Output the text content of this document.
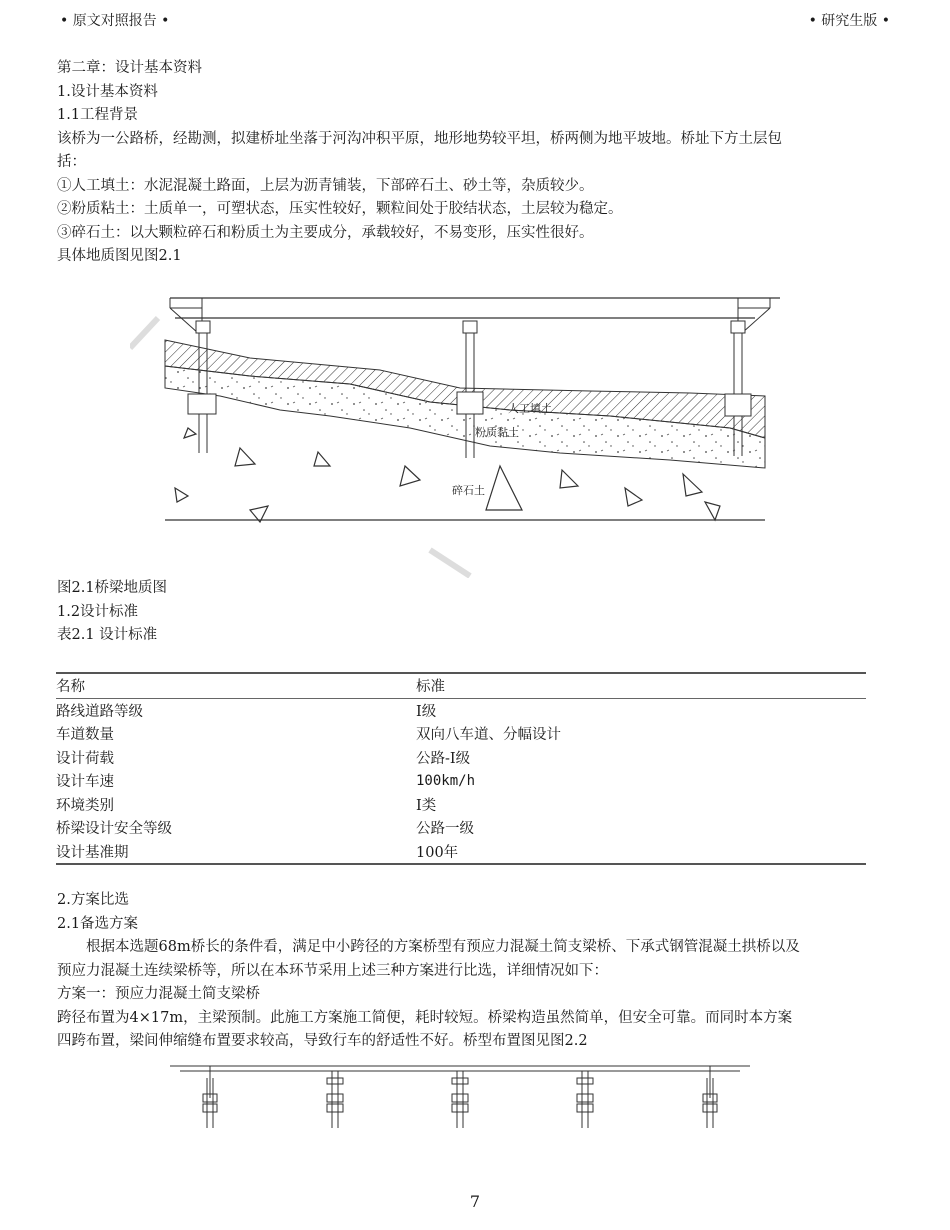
• 原文对照报告 •	• 研究生版 •
第二章：设计基本资料
1.设计基本资料
1.1工程背景
该桥为一公路桥，经勘测，拟建桥址坐落于河沟冲积平原，地形地势较平坦，桥两侧为地平坡地。桥址下方土层包
括：
①人工填土：水泥混凝土路面，上层为沥青铺装，下部碎石土、砂土等，杂质较少。
②粉质粘土：土质单一，可塑状态，压实性较好，颗粒间处于胶结状态，土层较为稳定。
③碎石土：以大颗粒碎石和粉质土为主要成分，承载较好，不易变形，压实性很好。
具体地质图见图2.1
人工填土
粉质黏土
碎石土
图2.1桥梁地质图
1.2设计标准
表2.1 设计标准
名称	标准
路线道路等级	I级
车道数量	双向八车道、分幅设计
设计荷载	公路-Ⅰ级
设计车速	100km/h
环境类别	I类
桥梁设计安全等级	公路一级
设计基准期	100年
2.方案比选
2.1备选方案
根据本选题68m桥长的条件看，满足中小跨径的方案桥型有预应力混凝土简支梁桥、下承式钢管混凝土拱桥以及
预应力混凝土连续梁桥等，所以在本环节采用上述三种方案进行比选，详细情况如下：
方案一：预应力混凝土简支梁桥
跨径布置为4×17m，主梁预制。此施工方案施工简便，耗时较短。桥梁构造虽然简单，但安全可靠。而同时本方案
四跨布置，梁间伸缩缝布置要求较高，导致行车的舒适性不好。桥型布置图见图2.2
7
